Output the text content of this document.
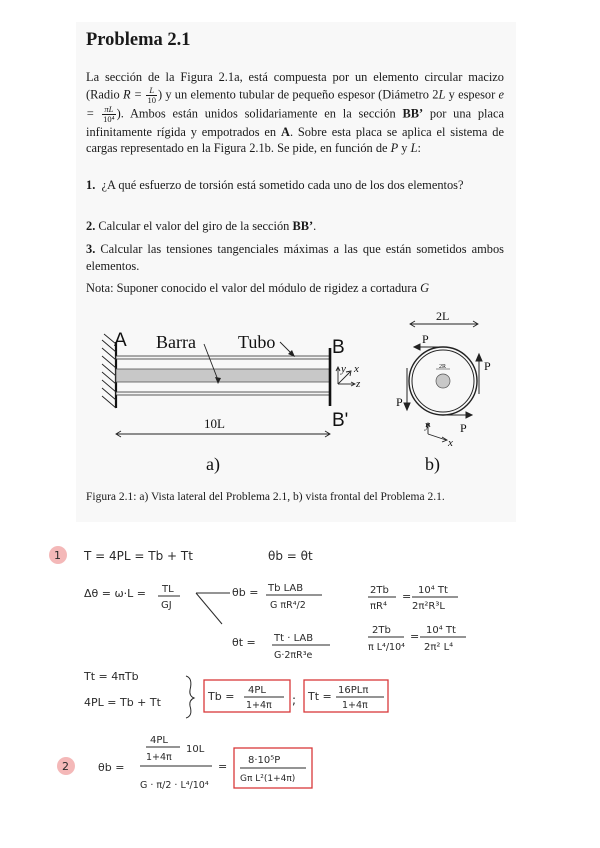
Problema 2.1

La sección de la Figura 2.1a, está compuesta por un elemento circular macizo (Radio $R = \frac{L}{10}$ ) y un elemento tubular de pequeño espesor (Diámetro 2L y espesor $e = \frac{\pi L}{\text{10⁴}}$ ). Ambos están unidos solidariamente en la sección BB’ por una placa infinitamente rígida y empotrados en A. Sobre esta placa se aplica el sistema de cargas representado en la Figura 2.1b. Se pide, en función de P y L:

1. ¿A qué esfuerzo de torsión está sometido cada uno de los dos elementos?

2. Calcular el valor del giro de la sección BB’.

3. Calcular las tensiones tangenciales máximas a las que están sometidos ambos elementos.

Nota: Suponer conocido el valor del módulo de rigidez a cortadura G

A	B
B'
Barra Tubo
y x
z
10L
a)
2L
2R
P
P
P
P
y
x
b)

Figura 2.1: a) Vista lateral del Problema 2.1, b) vista frontal del Problema 2.1.

1 T = 4PL = Tb + Tt	θb = θt
Δθ = ω·L = TL
GJ
θb = Tb LAB
G πR⁴/2
θt = Tt · LAB
G·2πR³e
2Tb
πR⁴
= 10⁴ Tt
2π²R³L
2Tb
π L⁴/10⁴
= 10⁴ Tt
2π² L⁴
Tt = 4πTb
4PL = Tb + Tt	Tb = 4PL
1+4π ; Tt = 16PLπ
1+4π
2	θb =
4PL
1+4π
10L
G · π/2 · L⁴/10⁴
= 8·10⁵P
Gπ L²(1+4π)
